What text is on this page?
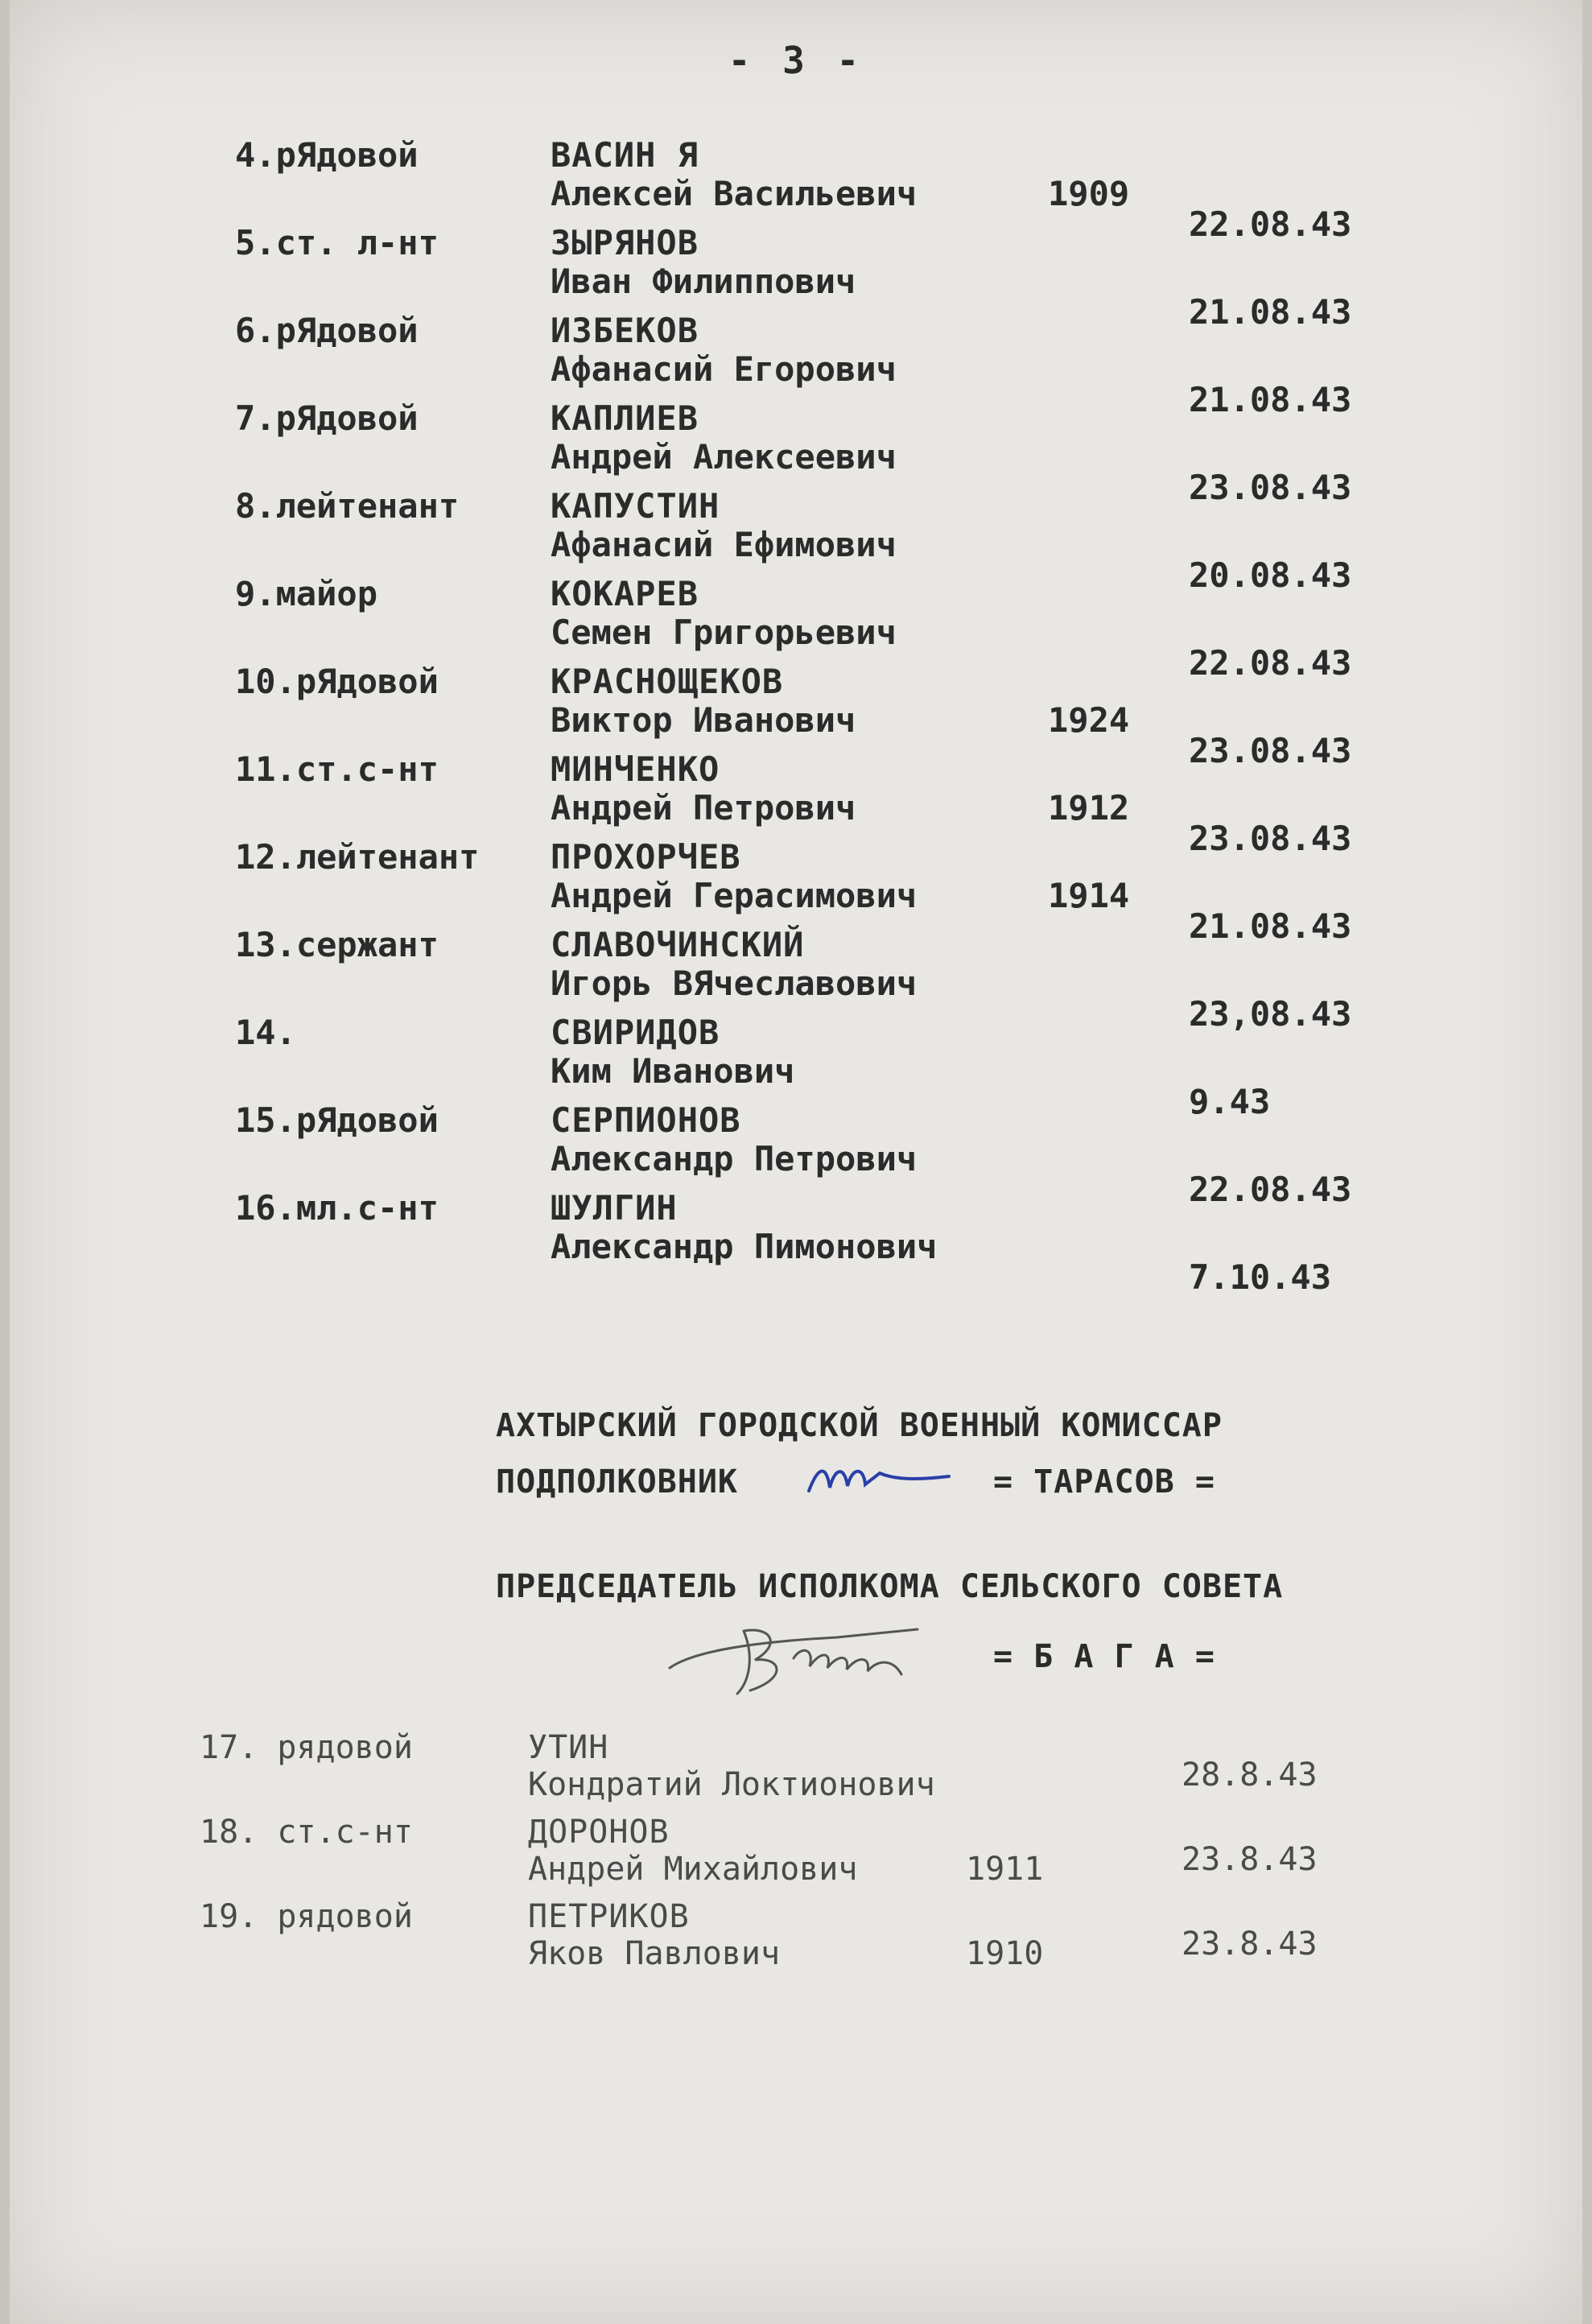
- 3 -
4.рЯдовой	ВАСИН Я
Алексей Васильевич	1909
22.08.43
5.ст. л-нт	ЗЫРЯНОВ
Иван Филиппович
21.08.43
6.рЯдовой	ИЗБЕКОВ
Афанасий Егорович
21.08.43
7.рЯдовой	КАПЛИЕВ
Андрей Алексеевич
23.08.43
8.лейтенант	КАПУСТИН
Афанасий Ефимович
20.08.43
9.майор	КОКАРЕВ
Семен Григорьевич
22.08.43
10.рЯдовой	КРАСНОЩЕКОВ
Виктор Иванович	1924
23.08.43
11.ст.с-нт	МИНЧЕНКО
Андрей Петрович	1912
23.08.43
12.лейтенант ПРОХОРЧЕВ
Андрей Герасимович	1914
21.08.43
13.сержант	СЛАВОЧИНСКИЙ
Игорь ВЯчеславович
23,08.43
14.	СВИРИДОВ
Ким Иванович
9.43
15.рЯдовой	СЕРПИОНОВ
Александр Петрович
22.08.43
16.мл.с-нт	ШУЛГИН
Александр Пимонович
7.10.43
АХТЫРСКИЙ ГОРОДСКОЙ ВОЕННЫЙ КОМИССАР
ПОДПОЛКОВНИК	= ТАРАСОВ =
ПРЕДСЕДАТЕЛЬ ИСПОЛКОМА СЕЛЬСКОГО СОВЕТА
= Б А Г А =
17. рядовой	УТИН
Кондратий Локтионович	28.8.43
18. ст.с-нт	ДОРОНОВ
Андрей Михайлович	1911	23.8.43
19. рядовой	ПЕТРИКОВ
Яков Павлович	1910	23.8.43
